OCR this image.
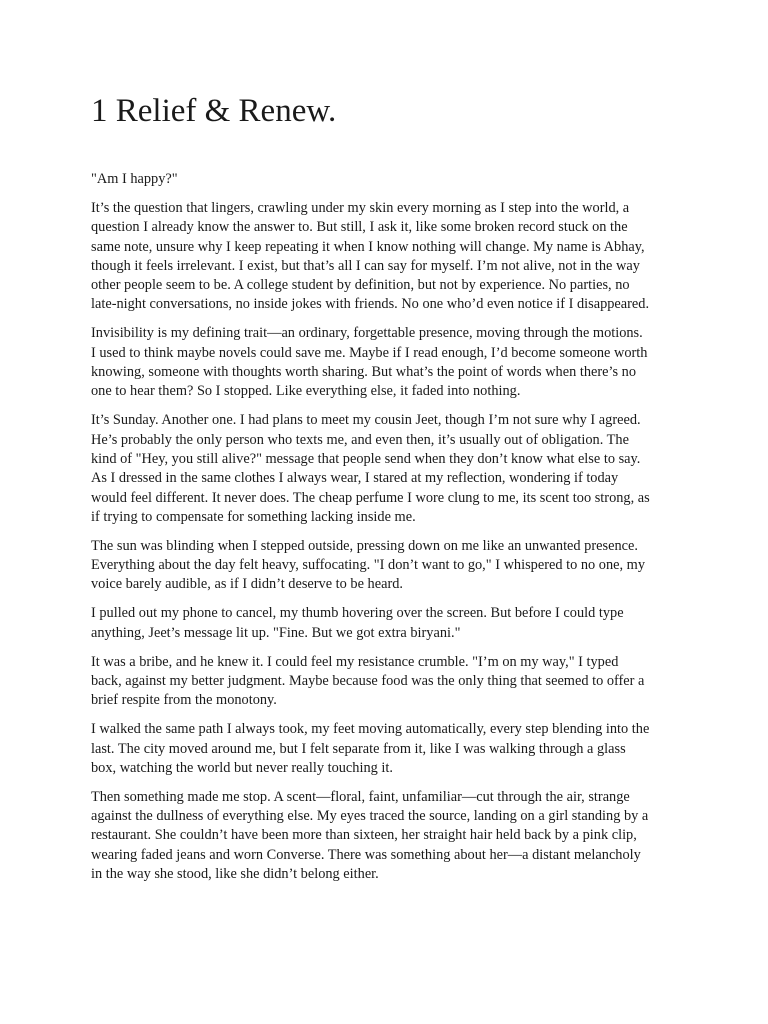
1 Relief & Renew.

"Am I happy?"

It’s the question that lingers, crawling under my skin every morning as I step into the world, a
question I already know the answer to. But still, I ask it, like some broken record stuck on the
same note, unsure why I keep repeating it when I know nothing will change. My name is Abhay,
though it feels irrelevant. I exist, but that’s all I can say for myself. I’m not alive, not in the way
other people seem to be. A college student by definition, but not by experience. No parties, no
late-night conversations, no inside jokes with friends. No one who’d even notice if I disappeared.

Invisibility is my defining trait—an ordinary, forgettable presence, moving through the motions.
I used to think maybe novels could save me. Maybe if I read enough, I’d become someone worth
knowing, someone with thoughts worth sharing. But what’s the point of words when there’s no
one to hear them? So I stopped. Like everything else, it faded into nothing.

It’s Sunday. Another one. I had plans to meet my cousin Jeet, though I’m not sure why I agreed.
He’s probably the only person who texts me, and even then, it’s usually out of obligation. The
kind of "Hey, you still alive?" message that people send when they don’t know what else to say.
As I dressed in the same clothes I always wear, I stared at my reflection, wondering if today
would feel different. It never does. The cheap perfume I wore clung to me, its scent too strong, as
if trying to compensate for something lacking inside me.

The sun was blinding when I stepped outside, pressing down on me like an unwanted presence.
Everything about the day felt heavy, suffocating. "I don’t want to go," I whispered to no one, my
voice barely audible, as if I didn’t deserve to be heard.

I pulled out my phone to cancel, my thumb hovering over the screen. But before I could type
anything, Jeet’s message lit up. "Fine. But we got extra biryani."

It was a bribe, and he knew it. I could feel my resistance crumble. "I’m on my way," I typed
back, against my better judgment. Maybe because food was the only thing that seemed to offer a
brief respite from the monotony.

I walked the same path I always took, my feet moving automatically, every step blending into the
last. The city moved around me, but I felt separate from it, like I was walking through a glass
box, watching the world but never really touching it.

Then something made me stop. A scent—floral, faint, unfamiliar—cut through the air, strange
against the dullness of everything else. My eyes traced the source, landing on a girl standing by a
restaurant. She couldn’t have been more than sixteen, her straight hair held back by a pink clip,
wearing faded jeans and worn Converse. There was something about her—a distant melancholy
in the way she stood, like she didn’t belong either.
